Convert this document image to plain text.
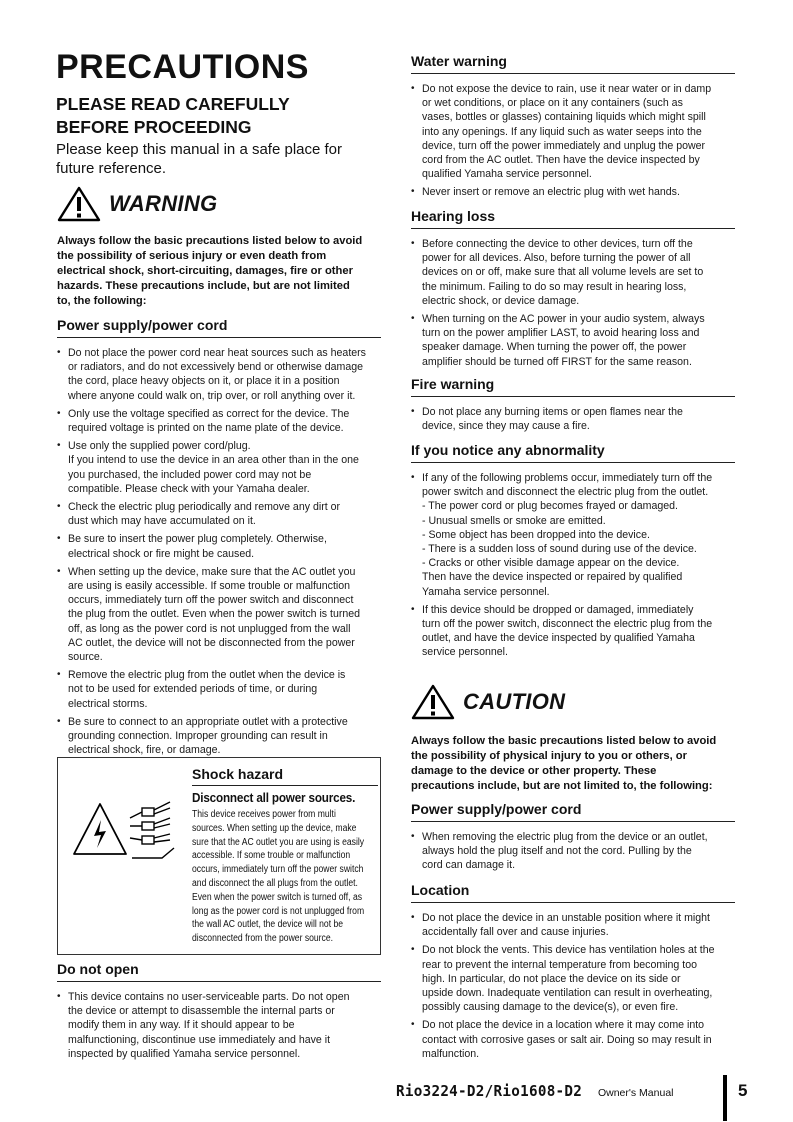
PRECAUTIONS
PLEASE READ CAREFULLY
BEFORE PROCEEDING
Please keep this manual in a safe place for
future reference.
WARNING
Always follow the basic precautions listed below to avoid
the possibility of serious injury or even death from
electrical shock, short-circuiting, damages, fire or other
hazards. These precautions include, but are not limited
to, the following:
Power supply/power cord
• Do not place the power cord near heat sources such as heaters
or radiators, and do not excessively bend or otherwise damage
the cord, place heavy objects on it, or place it in a position
where anyone could walk on, trip over, or roll anything over it.
• Only use the voltage specified as correct for the device. The
required voltage is printed on the name plate of the device.
• Use only the supplied power cord/plug.
If you intend to use the device in an area other than in the one
you purchased, the included power cord may not be
compatible. Please check with your Yamaha dealer.
• Check the electric plug periodically and remove any dirt or
dust which may have accumulated on it.
• Be sure to insert the power plug completely. Otherwise,
electrical shock or fire might be caused.
• When setting up the device, make sure that the AC outlet you
are using is easily accessible. If some trouble or malfunction
occurs, immediately turn off the power switch and disconnect
the plug from the outlet. Even when the power switch is turned
off, as long as the power cord is not unplugged from the wall
AC outlet, the device will not be disconnected from the power
source.
• Remove the electric plug from the outlet when the device is
not to be used for extended periods of time, or during
electrical storms.
• Be sure to connect to an appropriate outlet with a protective
grounding connection. Improper grounding can result in
electrical shock, fire, or damage.
Shock hazard
Disconnect all power sources.
This device receives power from multi
sources. When setting up the device, make
sure that the AC outlet you are using is easily
accessible. If some trouble or malfunction
occurs, immediately turn off the power switch
and disconnect the all plugs from the outlet.
Even when the power switch is turned off, as
long as the power cord is not unplugged from
the wall AC outlet, the device will not be
disconnected from the power source.
Do not open
• This device contains no user-serviceable parts. Do not open
the device or attempt to disassemble the internal parts or
modify them in any way. If it should appear to be
malfunctioning, discontinue use immediately and have it
inspected by qualified Yamaha service personnel.
Water warning
• Do not expose the device to rain, use it near water or in damp
or wet conditions, or place on it any containers (such as
vases, bottles or glasses) containing liquids which might spill
into any openings. If any liquid such as water seeps into the
device, turn off the power immediately and unplug the power
cord from the AC outlet. Then have the device inspected by
qualified Yamaha service personnel.
• Never insert or remove an electric plug with wet hands.
Hearing loss
• Before connecting the device to other devices, turn off the
power for all devices. Also, before turning the power of all
devices on or off, make sure that all volume levels are set to
the minimum. Failing to do so may result in hearing loss,
electric shock, or device damage.
• When turning on the AC power in your audio system, always
turn on the power amplifier LAST, to avoid hearing loss and
speaker damage. When turning the power off, the power
amplifier should be turned off FIRST for the same reason.
Fire warning
• Do not place any burning items or open flames near the
device, since they may cause a fire.
If you notice any abnormality
• If any of the following problems occur, immediately turn off the
power switch and disconnect the electric plug from the outlet.
- The power cord or plug becomes frayed or damaged.
- Unusual smells or smoke are emitted.
- Some object has been dropped into the device.
- There is a sudden loss of sound during use of the device.
- Cracks or other visible damage appear on the device.
Then have the device inspected or repaired by qualified
Yamaha service personnel.
• If this device should be dropped or damaged, immediately
turn off the power switch, disconnect the electric plug from the
outlet, and have the device inspected by qualified Yamaha
service personnel.
CAUTION
Always follow the basic precautions listed below to avoid
the possibility of physical injury to you or others, or
damage to the device or other property. These
precautions include, but are not limited to, the following:
Power supply/power cord
• When removing the electric plug from the device or an outlet,
always hold the plug itself and not the cord. Pulling by the
cord can damage it.
Location
• Do not place the device in an unstable position where it might
accidentally fall over and cause injuries.
• Do not block the vents. This device has ventilation holes at the
rear to prevent the internal temperature from becoming too
high. In particular, do not place the device on its side or
upside down. Inadequate ventilation can result in overheating,
possibly causing damage to the device(s), or even fire.
• Do not place the device in a location where it may come into
contact with corrosive gases or salt air. Doing so may result in
malfunction.
Rio3224-D2/Rio1608-D2 Owner's Manual	5
